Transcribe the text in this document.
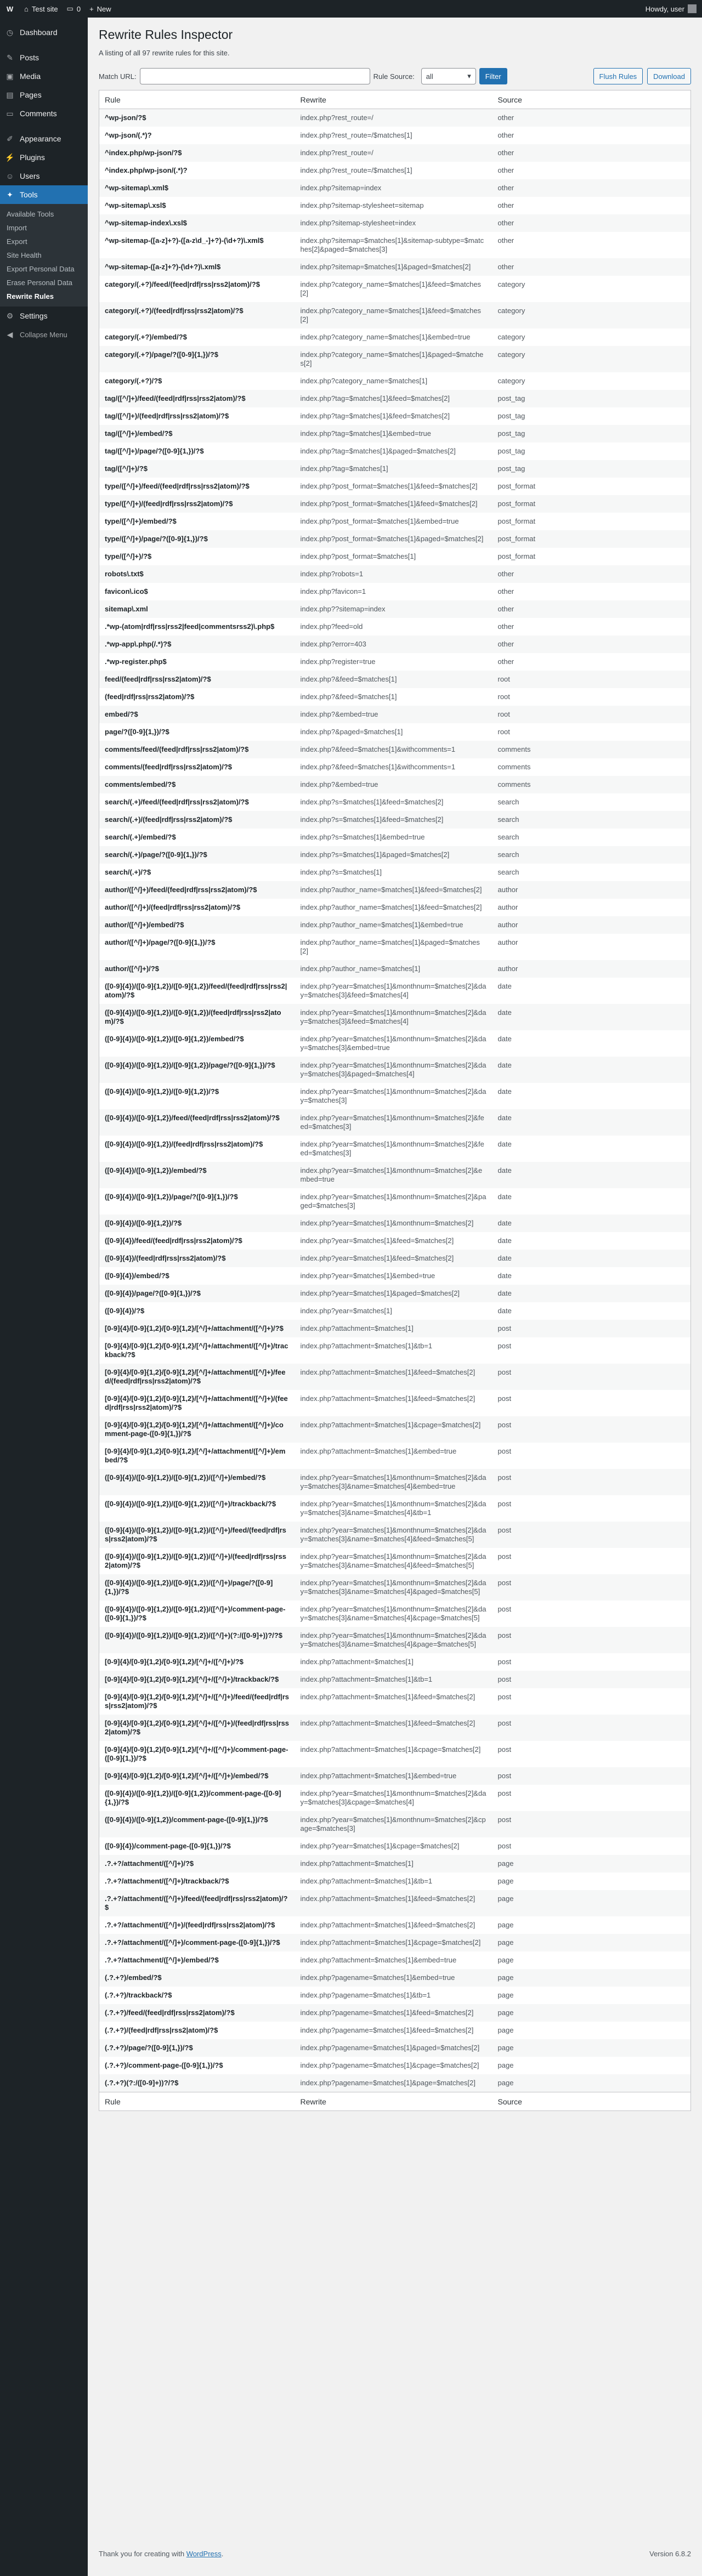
W	⌂ Test site ▭ 0 + New	Howdy, user
◷ Dashboard
✎ Posts
▣ Media
▤ Pages
▭ Comments
✐ Appearance
⚡ Plugins
☺ Users
✦ Tools
Available Tools
Import
Export
Site Health
Export Personal Data
Erase Personal Data
Rewrite Rules
⚙ Settings
◀ Collapse Menu
Rewrite Rules Inspector

A listing of all 97 rewrite rules for this site.

Match URL:	Rule Source: all	▾	Filter	Flush Rules	Download
Rule	Rewrite	Source
^wp-json/?$	index.php?rest_route=/	other
^wp-json/(.*)?	index.php?rest_route=/$matches[1]	other
^index.php/wp-json/?$	index.php?rest_route=/	other
^index.php/wp-json/(.*)?	index.php?rest_route=/$matches[1]	other
^wp-sitemap\.xml$	index.php?sitemap=index	other
^wp-sitemap\.xsl$	index.php?sitemap-stylesheet=sitemap	other
^wp-sitemap-index\.xsl$	index.php?sitemap-stylesheet=index	other
^wp-sitemap-([a-z]+?)-([a-z\d_-]+?)-(\d+?)\.xml$	index.php?sitemap=$matches[1]&sitemap-subtype=$matches[2]&paged=$matches[3]	other
^wp-sitemap-([a-z]+?)-(\d+?)\.xml$	index.php?sitemap=$matches[1]&paged=$matches[2]	other
category/(.+?)/feed/(feed|rdf|rss|rss2|atom)/?$	index.php?category_name=$matches[1]&feed=$matches[2]	category
category/(.+?)/(feed|rdf|rss|rss2|atom)/?$	index.php?category_name=$matches[1]&feed=$matches[2]	category
category/(.+?)/embed/?$	index.php?category_name=$matches[1]&embed=true	category
category/(.+?)/page/?([0-9]{1,})/?$	index.php?category_name=$matches[1]&paged=$matches[2]	category
category/(.+?)/?$	index.php?category_name=$matches[1]	category
tag/([^/]+)/feed/(feed|rdf|rss|rss2|atom)/?$	index.php?tag=$matches[1]&feed=$matches[2]	post_tag
tag/([^/]+)/(feed|rdf|rss|rss2|atom)/?$	index.php?tag=$matches[1]&feed=$matches[2]	post_tag
tag/([^/]+)/embed/?$	index.php?tag=$matches[1]&embed=true	post_tag
tag/([^/]+)/page/?([0-9]{1,})/?$	index.php?tag=$matches[1]&paged=$matches[2]	post_tag
tag/([^/]+)/?$	index.php?tag=$matches[1]	post_tag
type/([^/]+)/feed/(feed|rdf|rss|rss2|atom)/?$	index.php?post_format=$matches[1]&feed=$matches[2]	post_format
type/([^/]+)/(feed|rdf|rss|rss2|atom)/?$	index.php?post_format=$matches[1]&feed=$matches[2]	post_format
type/([^/]+)/embed/?$	index.php?post_format=$matches[1]&embed=true	post_format
type/([^/]+)/page/?([0-9]{1,})/?$	index.php?post_format=$matches[1]&paged=$matches[2]	post_format
type/([^/]+)/?$	index.php?post_format=$matches[1]	post_format
robots\.txt$	index.php?robots=1	other
favicon\.ico$	index.php?favicon=1	other
sitemap\.xml	index.php??sitemap=index	other
.*wp-(atom|rdf|rss|rss2|feed|commentsrss2)\.php$	index.php?feed=old	other
.*wp-app\.php(/.*)?$	index.php?error=403	other
.*wp-register.php$	index.php?register=true	other
feed/(feed|rdf|rss|rss2|atom)/?$	index.php?&feed=$matches[1]	root
(feed|rdf|rss|rss2|atom)/?$	index.php?&feed=$matches[1]	root
embed/?$	index.php?&embed=true	root
page/?([0-9]{1,})/?$	index.php?&paged=$matches[1]	root
comments/feed/(feed|rdf|rss|rss2|atom)/?$	index.php?&feed=$matches[1]&withcomments=1	comments
comments/(feed|rdf|rss|rss2|atom)/?$	index.php?&feed=$matches[1]&withcomments=1	comments
comments/embed/?$	index.php?&embed=true	comments
search/(.+)/feed/(feed|rdf|rss|rss2|atom)/?$	index.php?s=$matches[1]&feed=$matches[2]	search
search/(.+)/(feed|rdf|rss|rss2|atom)/?$	index.php?s=$matches[1]&feed=$matches[2]	search
search/(.+)/embed/?$	index.php?s=$matches[1]&embed=true	search
search/(.+)/page/?([0-9]{1,})/?$	index.php?s=$matches[1]&paged=$matches[2]	search
search/(.+)/?$	index.php?s=$matches[1]	search
author/([^/]+)/feed/(feed|rdf|rss|rss2|atom)/?$	index.php?author_name=$matches[1]&feed=$matches[2]	author
author/([^/]+)/(feed|rdf|rss|rss2|atom)/?$	index.php?author_name=$matches[1]&feed=$matches[2]	author
author/([^/]+)/embed/?$	index.php?author_name=$matches[1]&embed=true	author
author/([^/]+)/page/?([0-9]{1,})/?$	index.php?author_name=$matches[1]&paged=$matches[2]	author
author/([^/]+)/?$	index.php?author_name=$matches[1]	author
([0-9]{4})/([0-9]{1,2})/([0-9]{1,2})/feed/(feed|rdf|rss|rss2|atom)/?$	index.php?year=$matches[1]&monthnum=$matches[2]&day=$matches[3]&feed=$matches[4]	date
([0-9]{4})/([0-9]{1,2})/([0-9]{1,2})/(feed|rdf|rss|rss2|atom)/?$	index.php?year=$matches[1]&monthnum=$matches[2]&day=$matches[3]&feed=$matches[4]	date
([0-9]{4})/([0-9]{1,2})/([0-9]{1,2})/embed/?$	index.php?year=$matches[1]&monthnum=$matches[2]&day=$matches[3]&embed=true	date
([0-9]{4})/([0-9]{1,2})/([0-9]{1,2})/page/?([0-9]{1,})/?$	index.php?year=$matches[1]&monthnum=$matches[2]&day=$matches[3]&paged=$matches[4]	date
([0-9]{4})/([0-9]{1,2})/([0-9]{1,2})/?$	index.php?year=$matches[1]&monthnum=$matches[2]&day=$matches[3]	date
([0-9]{4})/([0-9]{1,2})/feed/(feed|rdf|rss|rss2|atom)/?$	index.php?year=$matches[1]&monthnum=$matches[2]&feed=$matches[3]	date
([0-9]{4})/([0-9]{1,2})/(feed|rdf|rss|rss2|atom)/?$	index.php?year=$matches[1]&monthnum=$matches[2]&feed=$matches[3]	date
([0-9]{4})/([0-9]{1,2})/embed/?$	index.php?year=$matches[1]&monthnum=$matches[2]&embed=true	date
([0-9]{4})/([0-9]{1,2})/page/?([0-9]{1,})/?$	index.php?year=$matches[1]&monthnum=$matches[2]&paged=$matches[3]	date
([0-9]{4})/([0-9]{1,2})/?$	index.php?year=$matches[1]&monthnum=$matches[2]	date
([0-9]{4})/feed/(feed|rdf|rss|rss2|atom)/?$	index.php?year=$matches[1]&feed=$matches[2]	date
([0-9]{4})/(feed|rdf|rss|rss2|atom)/?$	index.php?year=$matches[1]&feed=$matches[2]	date
([0-9]{4})/embed/?$	index.php?year=$matches[1]&embed=true	date
([0-9]{4})/page/?([0-9]{1,})/?$	index.php?year=$matches[1]&paged=$matches[2]	date
([0-9]{4})/?$	index.php?year=$matches[1]	date
[0-9]{4}/[0-9]{1,2}/[0-9]{1,2}/[^/]+/attachment/([^/]+)/?$	index.php?attachment=$matches[1]	post
[0-9]{4}/[0-9]{1,2}/[0-9]{1,2}/[^/]+/attachment/([^/]+)/trackback/?$	index.php?attachment=$matches[1]&tb=1	post
[0-9]{4}/[0-9]{1,2}/[0-9]{1,2}/[^/]+/attachment/([^/]+)/feed/(feed|rdf|rss|rss2|atom)/?$	index.php?attachment=$matches[1]&feed=$matches[2]	post
[0-9]{4}/[0-9]{1,2}/[0-9]{1,2}/[^/]+/attachment/([^/]+)/(feed|rdf|rss|rss2|atom)/?$	index.php?attachment=$matches[1]&feed=$matches[2]	post
[0-9]{4}/[0-9]{1,2}/[0-9]{1,2}/[^/]+/attachment/([^/]+)/comment-page-([0-9]{1,})/?$	index.php?attachment=$matches[1]&cpage=$matches[2]	post
[0-9]{4}/[0-9]{1,2}/[0-9]{1,2}/[^/]+/attachment/([^/]+)/embed/?$	index.php?attachment=$matches[1]&embed=true	post
([0-9]{4})/([0-9]{1,2})/([0-9]{1,2})/([^/]+)/embed/?$	index.php?year=$matches[1]&monthnum=$matches[2]&day=$matches[3]&name=$matches[4]&embed=true	post
([0-9]{4})/([0-9]{1,2})/([0-9]{1,2})/([^/]+)/trackback/?$	index.php?year=$matches[1]&monthnum=$matches[2]&day=$matches[3]&name=$matches[4]&tb=1	post
([0-9]{4})/([0-9]{1,2})/([0-9]{1,2})/([^/]+)/feed/(feed|rdf|rss|rss2|atom)/?$	index.php?year=$matches[1]&monthnum=$matches[2]&day=$matches[3]&name=$matches[4]&feed=$matches[5]	post
([0-9]{4})/([0-9]{1,2})/([0-9]{1,2})/([^/]+)/(feed|rdf|rss|rss2|atom)/?$	index.php?year=$matches[1]&monthnum=$matches[2]&day=$matches[3]&name=$matches[4]&feed=$matches[5]	post
([0-9]{4})/([0-9]{1,2})/([0-9]{1,2})/([^/]+)/page/?([0-9]{1,})/?$	index.php?year=$matches[1]&monthnum=$matches[2]&day=$matches[3]&name=$matches[4]&paged=$matches[5]	post
([0-9]{4})/([0-9]{1,2})/([0-9]{1,2})/([^/]+)/comment-page-([0-9]{1,})/?$	index.php?year=$matches[1]&monthnum=$matches[2]&day=$matches[3]&name=$matches[4]&cpage=$matches[5]	post
([0-9]{4})/([0-9]{1,2})/([0-9]{1,2})/([^/]+)(?:/([0-9]+))?/?$	index.php?year=$matches[1]&monthnum=$matches[2]&day=$matches[3]&name=$matches[4]&page=$matches[5]	post
[0-9]{4}/[0-9]{1,2}/[0-9]{1,2}/[^/]+/([^/]+)/?$	index.php?attachment=$matches[1]	post
[0-9]{4}/[0-9]{1,2}/[0-9]{1,2}/[^/]+/([^/]+)/trackback/?$	index.php?attachment=$matches[1]&tb=1	post
[0-9]{4}/[0-9]{1,2}/[0-9]{1,2}/[^/]+/([^/]+)/feed/(feed|rdf|rss|rss2|atom)/?$	index.php?attachment=$matches[1]&feed=$matches[2]	post
[0-9]{4}/[0-9]{1,2}/[0-9]{1,2}/[^/]+/([^/]+)/(feed|rdf|rss|rss2|atom)/?$	index.php?attachment=$matches[1]&feed=$matches[2]	post
[0-9]{4}/[0-9]{1,2}/[0-9]{1,2}/[^/]+/([^/]+)/comment-page-([0-9]{1,})/?$	index.php?attachment=$matches[1]&cpage=$matches[2]	post
[0-9]{4}/[0-9]{1,2}/[0-9]{1,2}/[^/]+/([^/]+)/embed/?$	index.php?attachment=$matches[1]&embed=true	post
([0-9]{4})/([0-9]{1,2})/([0-9]{1,2})/comment-page-([0-9]{1,})/?$	index.php?year=$matches[1]&monthnum=$matches[2]&day=$matches[3]&cpage=$matches[4]	post
([0-9]{4})/([0-9]{1,2})/comment-page-([0-9]{1,})/?$	index.php?year=$matches[1]&monthnum=$matches[2]&cpage=$matches[3]	post
([0-9]{4})/comment-page-([0-9]{1,})/?$	index.php?year=$matches[1]&cpage=$matches[2]	post
.?.+?/attachment/([^/]+)/?$	index.php?attachment=$matches[1]	page
.?.+?/attachment/([^/]+)/trackback/?$	index.php?attachment=$matches[1]&tb=1	page
.?.+?/attachment/([^/]+)/feed/(feed|rdf|rss|rss2|atom)/?$	index.php?attachment=$matches[1]&feed=$matches[2]	page
.?.+?/attachment/([^/]+)/(feed|rdf|rss|rss2|atom)/?$	index.php?attachment=$matches[1]&feed=$matches[2]	page
.?.+?/attachment/([^/]+)/comment-page-([0-9]{1,})/?$	index.php?attachment=$matches[1]&cpage=$matches[2]	page
.?.+?/attachment/([^/]+)/embed/?$	index.php?attachment=$matches[1]&embed=true	page
(.?.+?)/embed/?$	index.php?pagename=$matches[1]&embed=true	page
(.?.+?)/trackback/?$	index.php?pagename=$matches[1]&tb=1	page
(.?.+?)/feed/(feed|rdf|rss|rss2|atom)/?$	index.php?pagename=$matches[1]&feed=$matches[2]	page
(.?.+?)/(feed|rdf|rss|rss2|atom)/?$	index.php?pagename=$matches[1]&feed=$matches[2]	page
(.?.+?)/page/?([0-9]{1,})/?$	index.php?pagename=$matches[1]&paged=$matches[2]	page
(.?.+?)/comment-page-([0-9]{1,})/?$	index.php?pagename=$matches[1]&cpage=$matches[2]	page
(.?.+?)(?:/([0-9]+))?/?$	index.php?pagename=$matches[1]&page=$matches[2]	page
Rule	Rewrite	Source
Thank you for creating with WordPress.	Version 6.8.2
